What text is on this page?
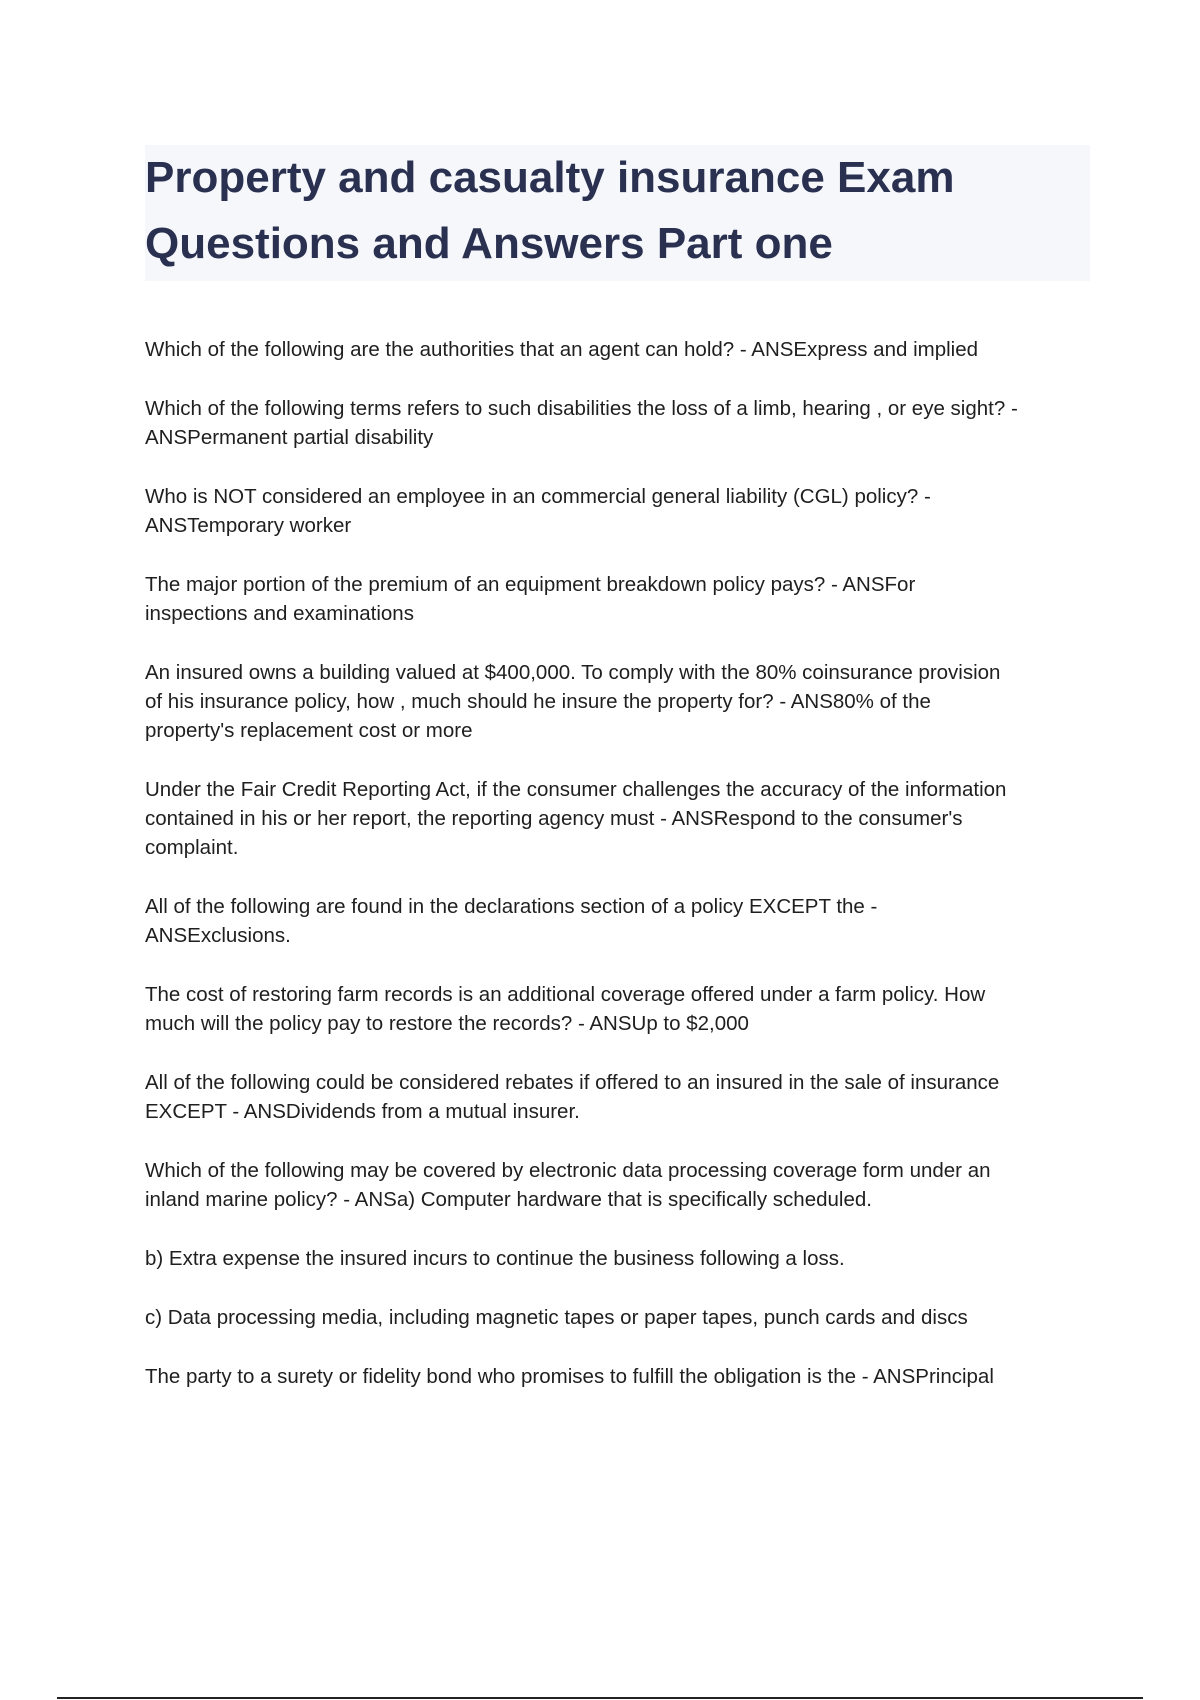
Property and casualty insurance Exam

Questions and Answers Part one

Which of the following are the authorities that an agent can hold? - ANSExpress and implied
Which of the following terms refers to such disabilities the loss of a limb, hearing , or eye sight? -
ANSPermanent partial disability
Who is NOT considered an employee in an commercial general liability (CGL) policy? -
ANSTemporary worker
The major portion of the premium of an equipment breakdown policy pays? - ANSFor
inspections and examinations
An insured owns a building valued at $400,000. To comply with the 80% coinsurance provision
of his insurance policy, how , much should he insure the property for? - ANS80% of the
property's replacement cost or more
Under the Fair Credit Reporting Act, if the consumer challenges the accuracy of the information
contained in his or her report, the reporting agency must - ANSRespond to the consumer's
complaint.
All of the following are found in the declarations section of a policy EXCEPT the -
ANSExclusions.
The cost of restoring farm records is an additional coverage offered under a farm policy. How
much will the policy pay to restore the records? - ANSUp to $2,000
All of the following could be considered rebates if offered to an insured in the sale of insurance
EXCEPT - ANSDividends from a mutual insurer.
Which of the following may be covered by electronic data processing coverage form under an
inland marine policy? - ANSa) Computer hardware that is specifically scheduled.
b) Extra expense the insured incurs to continue the business following a loss.
c) Data processing media, including magnetic tapes or paper tapes, punch cards and discs
The party to a surety or fidelity bond who promises to fulfill the obligation is the - ANSPrincipal
